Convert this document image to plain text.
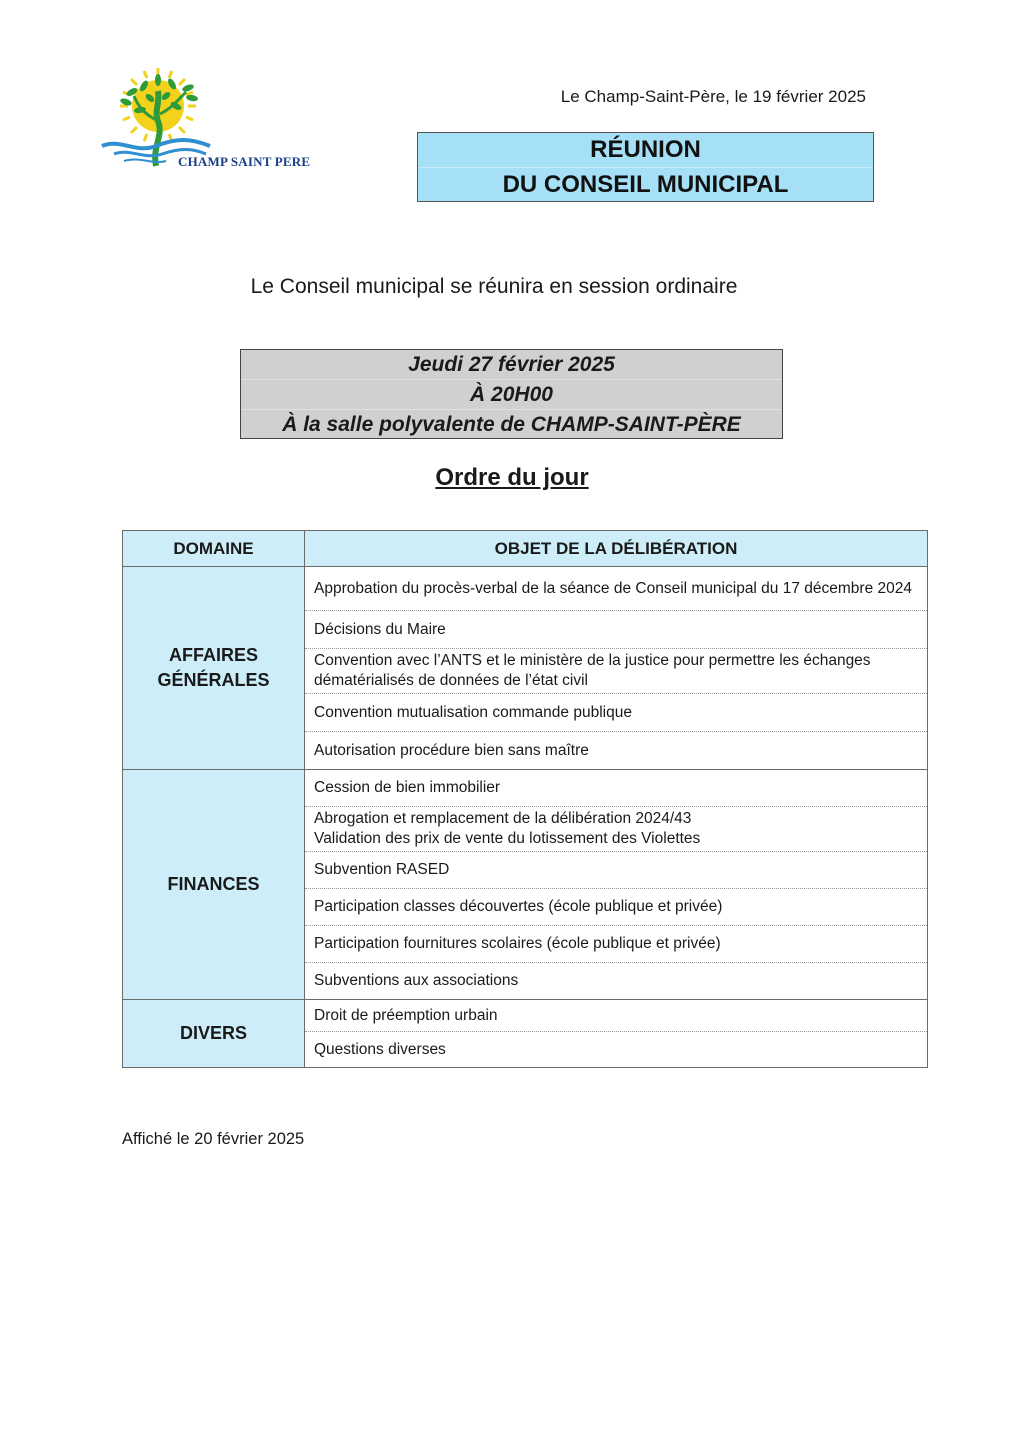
CHAMP SAINT PERE
Le Champ-Saint-Père, le 19 février 2025
RÉUNION
DU CONSEIL MUNICIPAL
Le Conseil municipal se réunira en session ordinaire
Jeudi 27 février 2025
À 20H00
À la salle polyvalente de CHAMP-SAINT-PÈRE
Ordre du jour
DOMAINE	OBJET DE LA DÉLIBÉRATION

AFFAIRES
GÉNÉRALES	Approbation du procès-verbal de la séance de Conseil municipal du 17 décembre 2024
	Décisions du Maire
	Convention avec l’ANTS et le ministère de la justice pour permettre les échanges dématérialisés de données de l’état civil
	Convention mutualisation commande publique
	Autorisation procédure bien sans maître

FINANCES	Cession de bien immobilier

	Abrogation et remplacement de la délibération 2024/43
Validation des prix de vente du lotissement des Violettes

	Subvention RASED
	Participation classes découvertes (école publique et privée)
	Participation fournitures scolaires (école publique et privée)
	Subventions aux associations

DIVERS	Droit de préemption urbain
	Questions diverses
Affiché le 20 février 2025
